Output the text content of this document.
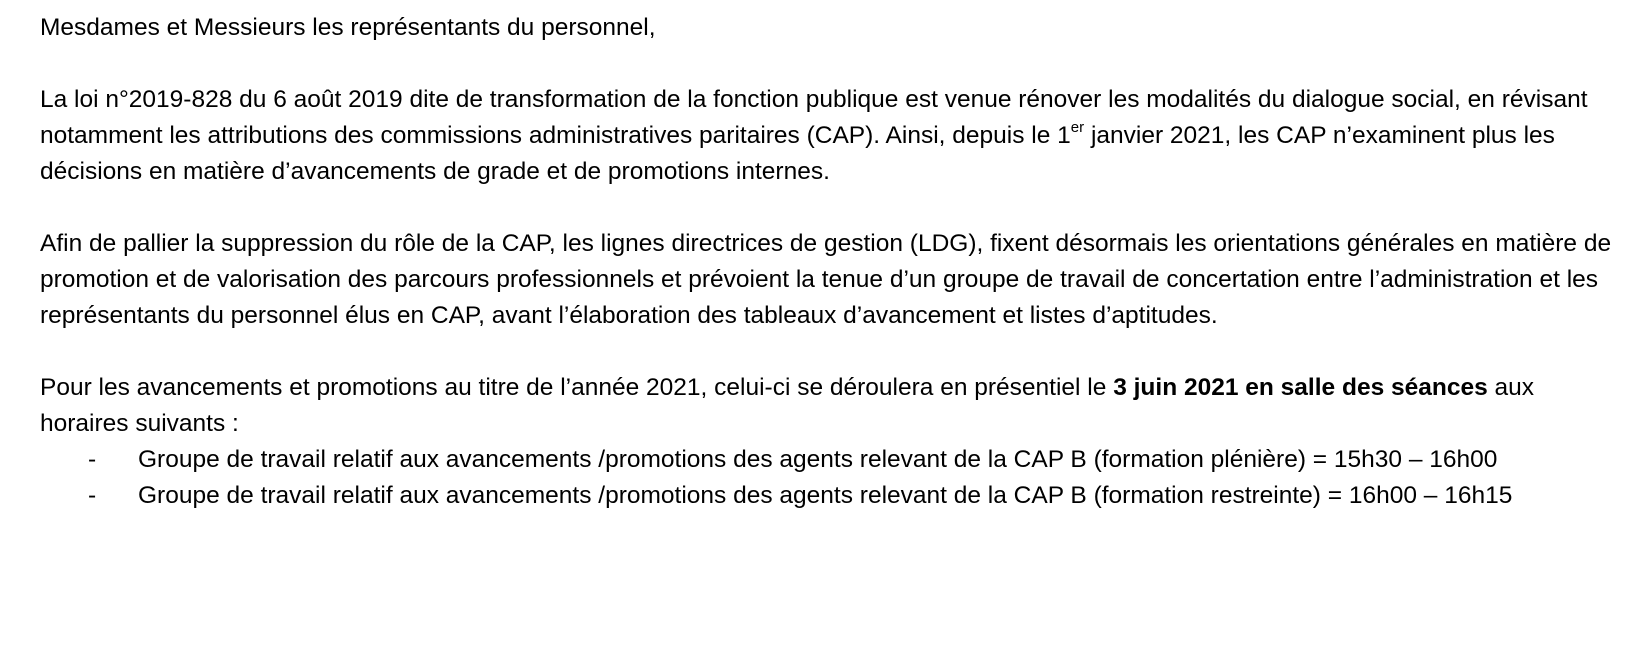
Mesdames et Messieurs les représentants du personnel,

La loi n°2019-828 du 6 août 2019 dite de transformation de la fonction publique est venue rénover les modalités du dialogue social, en révisant notamment les attributions des commissions administratives paritaires (CAP). Ainsi, depuis le 1er janvier 2021, les CAP n’examinent plus les décisions en matière d’avancements de grade et de promotions internes.

Afin de pallier la suppression du rôle de la CAP, les lignes directrices de gestion (LDG), fixent désormais les orientations générales en matière de promotion et de valorisation des parcours professionnels et prévoient la tenue d’un groupe de travail de concertation entre l’administration et les représentants du personnel élus en CAP, avant l’élaboration des tableaux d’avancement et listes d’aptitudes.

Pour les avancements et promotions au titre de l’année 2021, celui-ci se déroulera en présentiel le 3 juin 2021 en salle des séances aux horaires suivants :

- Groupe de travail relatif aux avancements /promotions des agents relevant de la CAP B (formation plénière) = 15h30 – 16h00
- Groupe de travail relatif aux avancements /promotions des agents relevant de la CAP B (formation restreinte) = 16h00 – 16h15
